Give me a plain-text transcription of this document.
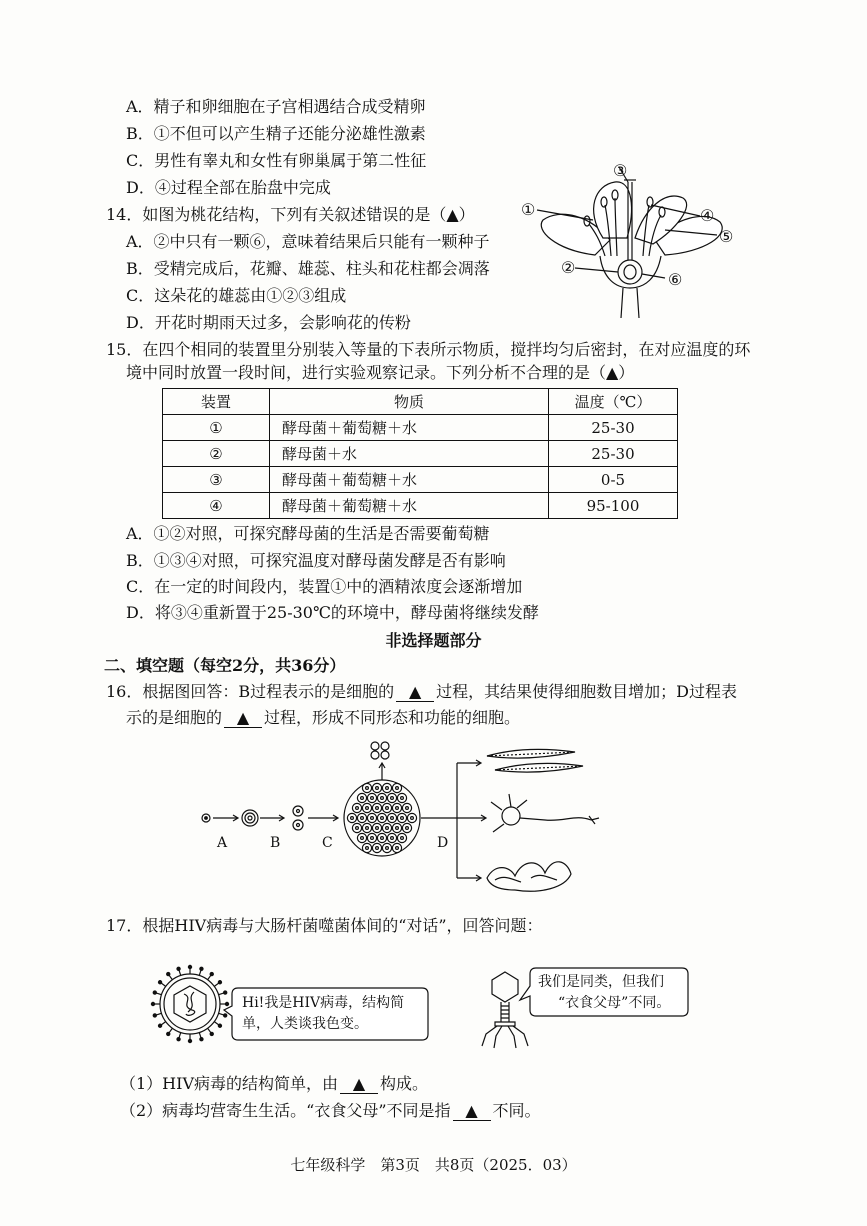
A．精子和卵细胞在子宫相遇结合成受精卵
B．①不但可以产生精子还能分泌雄性激素
C．男性有睾丸和女性有卵巢属于第二性征
D．④过程全部在胎盘中完成
14．如图为桃花结构，下列有关叙述错误的是（▲）
A．②中只有一颗⑥，意味着结果后只能有一颗种子
B．受精完成后，花瓣、雄蕊、柱头和花柱都会凋落
C．这朵花的雄蕊由①②③组成
D．开花时期雨天过多，会影响花的传粉
①
③
④
⑤
②
⑥
15．在四个相同的装置里分别装入等量的下表所示物质，搅拌均匀后密封，在对应温度的环
境中同时放置一段时间，进行实验观察记录。下列分析不合理的是（▲）
装置	物质	温度（℃）
①	酵母菌＋葡萄糖＋水	25-30
②	酵母菌＋水	25-30
③	酵母菌＋葡萄糖＋水	0-5
④	酵母菌＋葡萄糖＋水	95-100
A．①②对照，可探究酵母菌的生活是否需要葡萄糖
B．①③④对照，可探究温度对酵母菌发酵是否有影响
C．在一定的时间段内，装置①中的酒精浓度会逐渐增加
D．将③④重新置于25-30℃的环境中，酵母菌将继续发酵
非选择题部分
二、填空题（每空2分，共36分）
16．根据图回答：B过程表示的是细胞的 ▲ 过程，其结果使得细胞数目增加；D过程表
示的是细胞的 ▲ 过程，形成不同形态和功能的细胞。
A	B	C	D
17．根据HIV病毒与大肠杆菌噬菌体间的“对话”，回答问题：
Hi!我是HIV病毒，结构简
单，人类谈我色变。
我们是同类，但我们
“衣食父母”不同。
（1）HIV病毒的结构简单，由 ▲ 构成。
（2）病毒均营寄生生活。“衣食父母”不同是指 ▲ 不同。
七年级科学　第3页　共8页（2025．03）
